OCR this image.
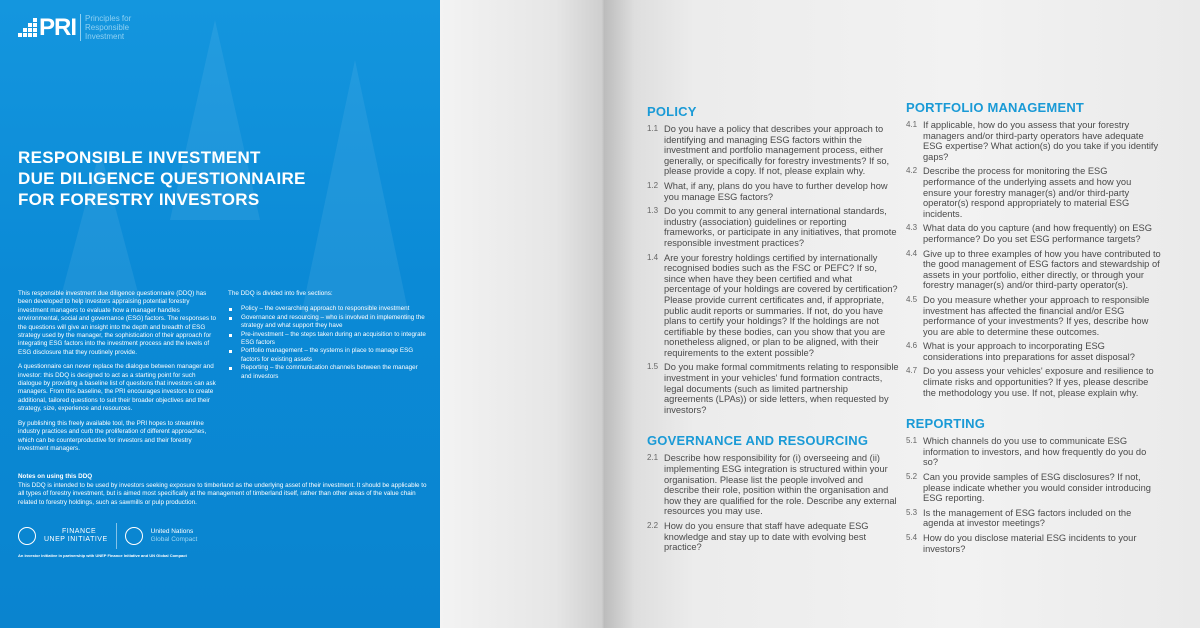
PRI Principles for
Responsible
Investment
RESPONSIBLE INVESTMENT
DUE DILIGENCE QUESTIONNAIRE
FOR FORESTRY INVESTORS

This responsible investment due diligence questionnaire (DDQ) has been developed to help investors appraising potential forestry investment managers to evaluate how a manager handles environmental, social and governance (ESG) factors. The responses to the questions will give an insight into the depth and breadth of ESG strategy used by the manager, the sophistication of their approach for integrating ESG factors into the investment process and the levels of ESG disclosure that they routinely provide.

A questionnaire can never replace the dialogue between manager and investor: this DDQ is designed to act as a starting point for such dialogue by providing a baseline list of questions that investors can ask managers. From this baseline, the PRI encourages investors to create additional, tailored questions to suit their broader objectives and their strategy, size, experience and resources.

By publishing this freely available tool, the PRI hopes to streamline industry practices and curb the proliferation of different approaches, which can be counterproductive for investors and their forestry investment managers.

The DDQ is divided into five sections:
Policy – the overarching approach to responsible investment
Governance and resourcing – who is involved in implementing the strategy and what support they have
Pre-investment – the steps taken during an acquisition to integrate ESG factors
Portfolio management – the systems in place to manage ESG factors for existing assets
Reporting – the communication channels between the manager and investors
Notes on using this DDQ
This DDQ is intended to be used by investors seeking exposure to timberland as the underlying asset of their investment. It should be applicable to all types of forestry investment, but is aimed most specifically at the management of timberland itself, rather than other areas of the value chain related to forestry holdings, such as sawmills or pulp production.
FINANCE
UNEP INITIATIVE
United Nations
Global Compact
An investor initiative in partnership with UNEP Finance Initiative and UN Global Compact
POLICY
1.1 Do you have a policy that describes your approach to identifying and managing ESG factors within the investment and portfolio management process, either generally, or specifically for forestry investments? If so, please provide a copy. If not, please explain why.
1.2 What, if any, plans do you have to further develop how you manage ESG factors?
1.3 Do you commit to any general international standards, industry (association) guidelines or reporting frameworks, or participate in any initiatives, that promote responsible investment practices?
1.4 Are your forestry holdings certified by internationally recognised bodies such as the FSC or PEFC? If so, since when have they been certified and what percentage of your holdings are covered by certification? Please provide current certificates and, if appropriate, public audit reports or summaries. If not, do you have plans to certify your holdings? If the holdings are not certifiable by these bodies, can you show that you are nonetheless aligned, or plan to be aligned, with their requirements to the extent possible?
1.5 Do you make formal commitments relating to responsible investment in your vehicles' fund formation contracts, legal documents (such as limited partnership agreements (LPAs)) or side letters, when requested by investors?
GOVERNANCE AND RESOURCING
2.1 Describe how responsibility for (i) overseeing and (ii) implementing ESG integration is structured within your organisation. Please list the people involved and describe their role, position within the organisation and how they are qualified for the role. Describe any external resources you may use.
2.2 How do you ensure that staff have adequate ESG knowledge and stay up to date with evolving best practice?
PORTFOLIO MANAGEMENT
4.1 If applicable, how do you assess that your forestry managers and/or third-party operators have adequate ESG expertise? What action(s) do you take if you identify gaps?
4.2 Describe the process for monitoring the ESG performance of the underlying assets and how you ensure your forestry manager(s) and/or third-party operator(s) respond appropriately to material ESG incidents.
4.3 What data do you capture (and how frequently) on ESG performance? Do you set ESG performance targets?
4.4 Give up to three examples of how you have contributed to the good management of ESG factors and stewardship of assets in your portfolio, either directly, or through your forestry manager(s) and/or third-party operator(s).
4.5 Do you measure whether your approach to responsible investment has affected the financial and/or ESG performance of your investments? If yes, describe how you are able to determine these outcomes.
4.6 What is your approach to incorporating ESG considerations into preparations for asset disposal?
4.7 Do you assess your vehicles' exposure and resilience to climate risks and opportunities? If yes, please describe the methodology you use. If not, please explain why.
REPORTING
5.1 Which channels do you use to communicate ESG information to investors, and how frequently do you do so?
5.2 Can you provide samples of ESG disclosures? If not, please indicate whether you would consider introducing ESG reporting.
5.3 Is the management of ESG factors included on the agenda at investor meetings?
5.4 How do you disclose material ESG incidents to your investors?
